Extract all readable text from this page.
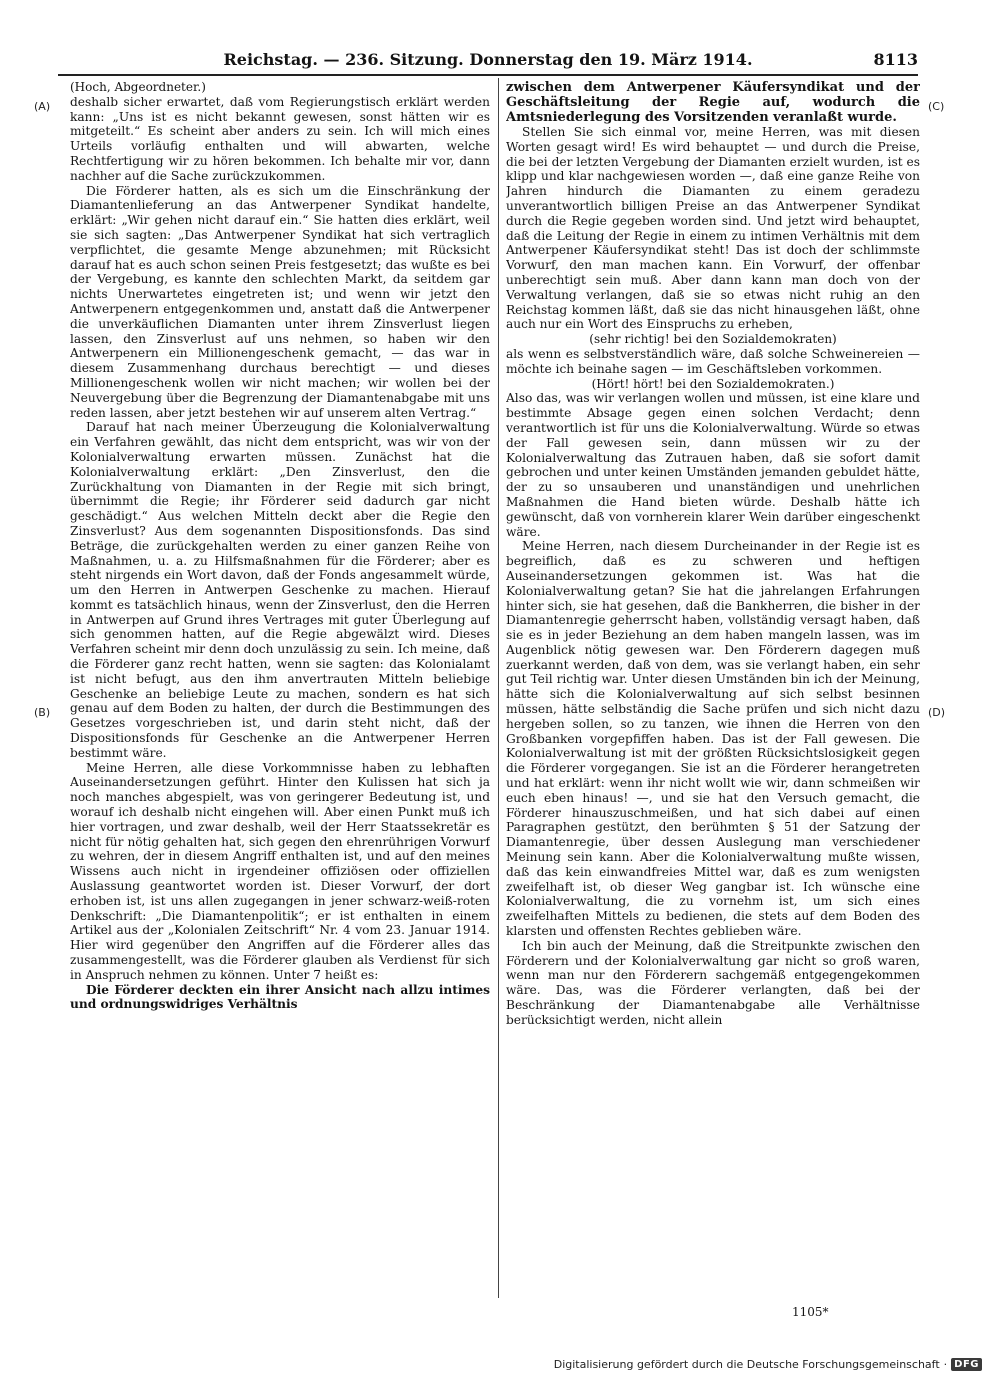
Reichstag. — 236. Sitzung. Donnerstag den 19. März 1914.	8113
(A)
(B)
(C)
(D)

(Hoch, Abgeordneter.)

deshalb sicher erwartet, daß vom Regierungstisch erklärt werden kann: „Uns ist es nicht bekannt gewesen, sonst hätten wir es mitgeteilt.“ Es scheint aber anders zu sein. Ich will mich eines Urteils vorläufig enthalten und will abwarten, welche Rechtfertigung wir zu hören bekommen. Ich behalte mir vor, dann nachher auf die Sache zurückzukommen.

Die Förderer hatten, als es sich um die Einschränkung der Diamantenlieferung an das Antwerpener Syndikat handelte, erklärt: „Wir gehen nicht darauf ein.“ Sie hatten dies erklärt, weil sie sich sagten: „Das Antwerpener Syndikat hat sich vertraglich verpflichtet, die gesamte Menge abzunehmen; mit Rücksicht darauf hat es auch schon seinen Preis festgesetzt; das wußte es bei der Vergebung, es kannte den schlechten Markt, da seitdem gar nichts Unerwartetes eingetreten ist; und wenn wir jetzt den Antwerpenern entgegenkommen und, anstatt daß die Antwerpener die unverkäuflichen Diamanten unter ihrem Zinsverlust liegen lassen, den Zinsverlust auf uns nehmen, so haben wir den Antwerpenern ein Millionengeschenk gemacht, — das war in diesem Zusammenhang durchaus berechtigt — und dieses Millionengeschenk wollen wir nicht machen; wir wollen bei der Neuvergebung über die Begrenzung der Diamantenabgabe mit uns reden lassen, aber jetzt bestehen wir auf unserem alten Vertrag.“

Darauf hat nach meiner Überzeugung die Kolonialverwaltung ein Verfahren gewählt, das nicht dem entspricht, was wir von der Kolonialverwaltung erwarten müssen. Zunächst hat die Kolonialverwaltung erklärt: „Den Zinsverlust, den die Zurückhaltung von Diamanten in der Regie mit sich bringt, übernimmt die Regie; ihr Förderer seid dadurch gar nicht geschädigt.“ Aus welchen Mitteln deckt aber die Regie den Zinsverlust? Aus dem sogenannten Dispositionsfonds. Das sind Beträge, die zurückgehalten werden zu einer ganzen Reihe von Maßnahmen, u. a. zu Hilfsmaßnahmen für die Förderer; aber es steht nirgends ein Wort davon, daß der Fonds angesammelt würde, um den Herren in Antwerpen Geschenke zu machen. Hierauf kommt es tatsächlich hinaus, wenn der Zinsverlust, den die Herren in Antwerpen auf Grund ihres Vertrages mit guter Überlegung auf sich genommen hatten, auf die Regie abgewälzt wird. Dieses Verfahren scheint mir denn doch unzulässig zu sein. Ich meine, daß die Förderer ganz recht hatten, wenn sie sagten: das Kolonialamt ist nicht befugt, aus den ihm anvertrauten Mitteln beliebige Geschenke an beliebige Leute zu machen, sondern es hat sich genau auf dem Boden zu halten, der durch die Bestimmungen des Gesetzes vorgeschrieben ist, und darin steht nicht, daß der Dispositionsfonds für Geschenke an die Antwerpener Herren bestimmt wäre.

Meine Herren, alle diese Vorkommnisse haben zu lebhaften Auseinandersetzungen geführt. Hinter den Kulissen hat sich ja noch manches abgespielt, was von geringerer Bedeutung ist, und worauf ich deshalb nicht eingehen will. Aber einen Punkt muß ich hier vortragen, und zwar deshalb, weil der Herr Staatssekretär es nicht für nötig gehalten hat, sich gegen den ehrenrührigen Vorwurf zu wehren, der in diesem Angriff enthalten ist, und auf den meines Wissens auch nicht in irgendeiner offiziösen oder offiziellen Auslassung geantwortet worden ist. Dieser Vorwurf, der dort erhoben ist, ist uns allen zugegangen in jener schwarz-weiß-roten Denkschrift: „Die Diamantenpolitik“; er ist enthalten in einem Artikel aus der „Kolonialen Zeitschrift“ Nr. 4 vom 23. Januar 1914. Hier wird gegenüber den Angriffen auf die Förderer alles das zusammengestellt, was die Förderer glauben als Verdienst für sich in Anspruch nehmen zu können. Unter 7 heißt es:

Die Förderer deckten ein ihrer Ansicht nach allzu intimes und ordnungswidriges Verhältnis

zwischen dem Antwerpener Käufersyndikat und der Geschäftsleitung der Regie auf, wodurch die Amtsniederlegung des Vorsitzenden veranlaßt wurde.

Stellen Sie sich einmal vor, meine Herren, was mit diesen Worten gesagt wird! Es wird behauptet — und durch die Preise, die bei der letzten Vergebung der Diamanten erzielt wurden, ist es klipp und klar nachgewiesen worden —, daß eine ganze Reihe von Jahren hindurch die Diamanten zu einem geradezu unverantwortlich billigen Preise an das Antwerpener Syndikat durch die Regie gegeben worden sind. Und jetzt wird behauptet, daß die Leitung der Regie in einem zu intimen Verhältnis mit dem Antwerpener Käufersyndikat steht! Das ist doch der schlimmste Vorwurf, den man machen kann. Ein Vorwurf, der offenbar unberechtigt sein muß. Aber dann kann man doch von der Verwaltung verlangen, daß sie so etwas nicht ruhig an den Reichstag kommen läßt, daß sie das nicht hinausgehen läßt, ohne auch nur ein Wort des Einspruchs zu erheben,

(sehr richtig! bei den Sozialdemokraten)

als wenn es selbstverständlich wäre, daß solche Schweinereien — möchte ich beinahe sagen — im Geschäftsleben vorkommen.

(Hört! hört! bei den Sozialdemokraten.)

Also das, was wir verlangen wollen und müssen, ist eine klare und bestimmte Absage gegen einen solchen Verdacht; denn verantwortlich ist für uns die Kolonialverwaltung. Würde so etwas der Fall gewesen sein, dann müssen wir zu der Kolonialverwaltung das Zutrauen haben, daß sie sofort damit gebrochen und unter keinen Umständen jemanden gebuldet hätte, der zu so unsauberen und unanständigen und unehrlichen Maßnahmen die Hand bieten würde. Deshalb hätte ich gewünscht, daß von vornherein klarer Wein darüber eingeschenkt wäre.

Meine Herren, nach diesem Durcheinander in der Regie ist es begreiflich, daß es zu schweren und heftigen Auseinandersetzungen gekommen ist. Was hat die Kolonialverwaltung getan? Sie hat die jahrelangen Erfahrungen hinter sich, sie hat gesehen, daß die Bankherren, die bisher in der Diamantenregie geherrscht haben, vollständig versagt haben, daß sie es in jeder Beziehung an dem haben mangeln lassen, was im Augenblick nötig gewesen war. Den Förderern dagegen muß zuerkannt werden, daß von dem, was sie verlangt haben, ein sehr gut Teil richtig war. Unter diesen Umständen bin ich der Meinung, hätte sich die Kolonialverwaltung auf sich selbst besinnen müssen, hätte selbständig die Sache prüfen und sich nicht dazu hergeben sollen, so zu tanzen, wie ihnen die Herren von den Großbanken vorgepfiffen haben. Das ist der Fall gewesen. Die Kolonialverwaltung ist mit der größten Rücksichtslosigkeit gegen die Förderer vorgegangen. Sie ist an die Förderer herangetreten und hat erklärt: wenn ihr nicht wollt wie wir, dann schmeißen wir euch eben hinaus! —, und sie hat den Versuch gemacht, die Förderer hinauszuschmeißen, und hat sich dabei auf einen Paragraphen gestützt, den berühmten § 51 der Satzung der Diamantenregie, über dessen Auslegung man verschiedener Meinung sein kann. Aber die Kolonialverwaltung mußte wissen, daß das kein einwandfreies Mittel war, daß es zum wenigsten zweifelhaft ist, ob dieser Weg gangbar ist. Ich wünsche eine Kolonialverwaltung, die zu vornehm ist, um sich eines zweifelhaften Mittels zu bedienen, die stets auf dem Boden des klarsten und offensten Rechtes geblieben wäre.

Ich bin auch der Meinung, daß die Streitpunkte zwischen den Förderern und der Kolonialverwaltung gar nicht so groß waren, wenn man nur den Förderern sachgemäß entgegengekommen wäre. Das, was die Förderer verlangten, daß bei der Beschränkung der Diamantenabgabe alle Verhältnisse berücksichtigt werden, nicht allein

1105*
Digitalisierung gefördert durch die Deutsche Forschungsgemeinschaft · DFG
